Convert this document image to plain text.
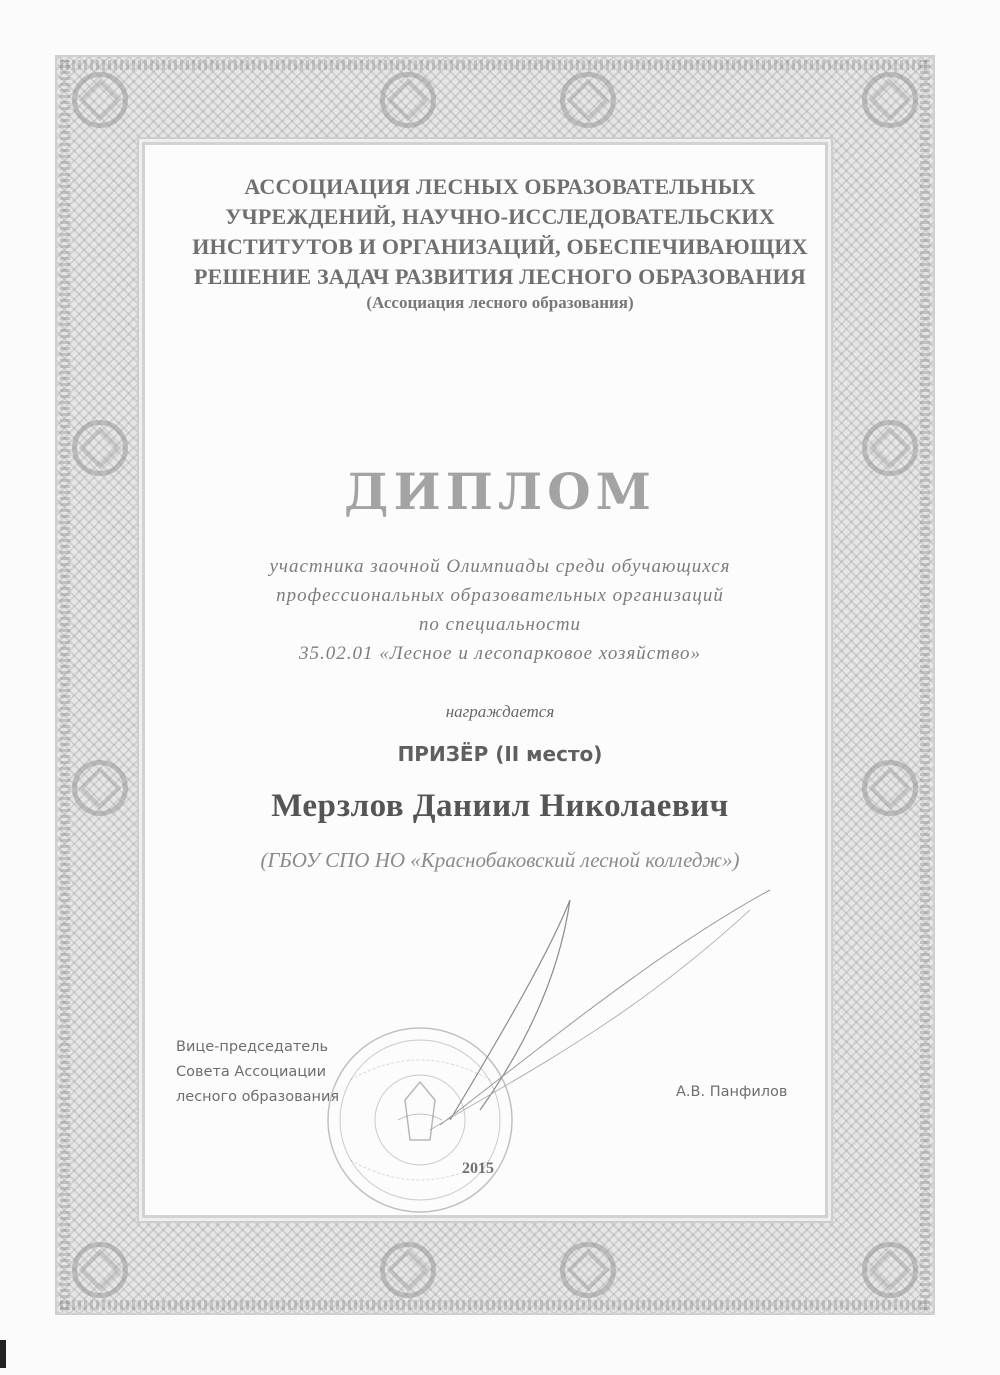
АССОЦИАЦИЯ ЛЕСНЫХ ОБРАЗОВАТЕЛЬНЫХ
УЧРЕЖДЕНИЙ, НАУЧНО-ИССЛЕДОВАТЕЛЬСКИХ
ИНСТИТУТОВ И ОРГАНИЗАЦИЙ, ОБЕСПЕЧИВАЮЩИХ
РЕШЕНИЕ ЗАДАЧ РАЗВИТИЯ ЛЕСНОГО ОБРАЗОВАНИЯ
(Ассоциация лесного образования)
ДИПЛОМ
участника заочной Олимпиады среди обучающихся
профессиональных образовательных организаций
по специальности
35.02.01 «Лесное и лесопарковое хозяйство»
награждается
ПРИЗЁР (II место)
Мерзлов Даниил Николаевич
(ГБОУ СПО НО «Краснобаковский лесной колледж»)
Вице-председатель
Совета Ассоциации
лесного образования	А.В. Панфилов
2015
